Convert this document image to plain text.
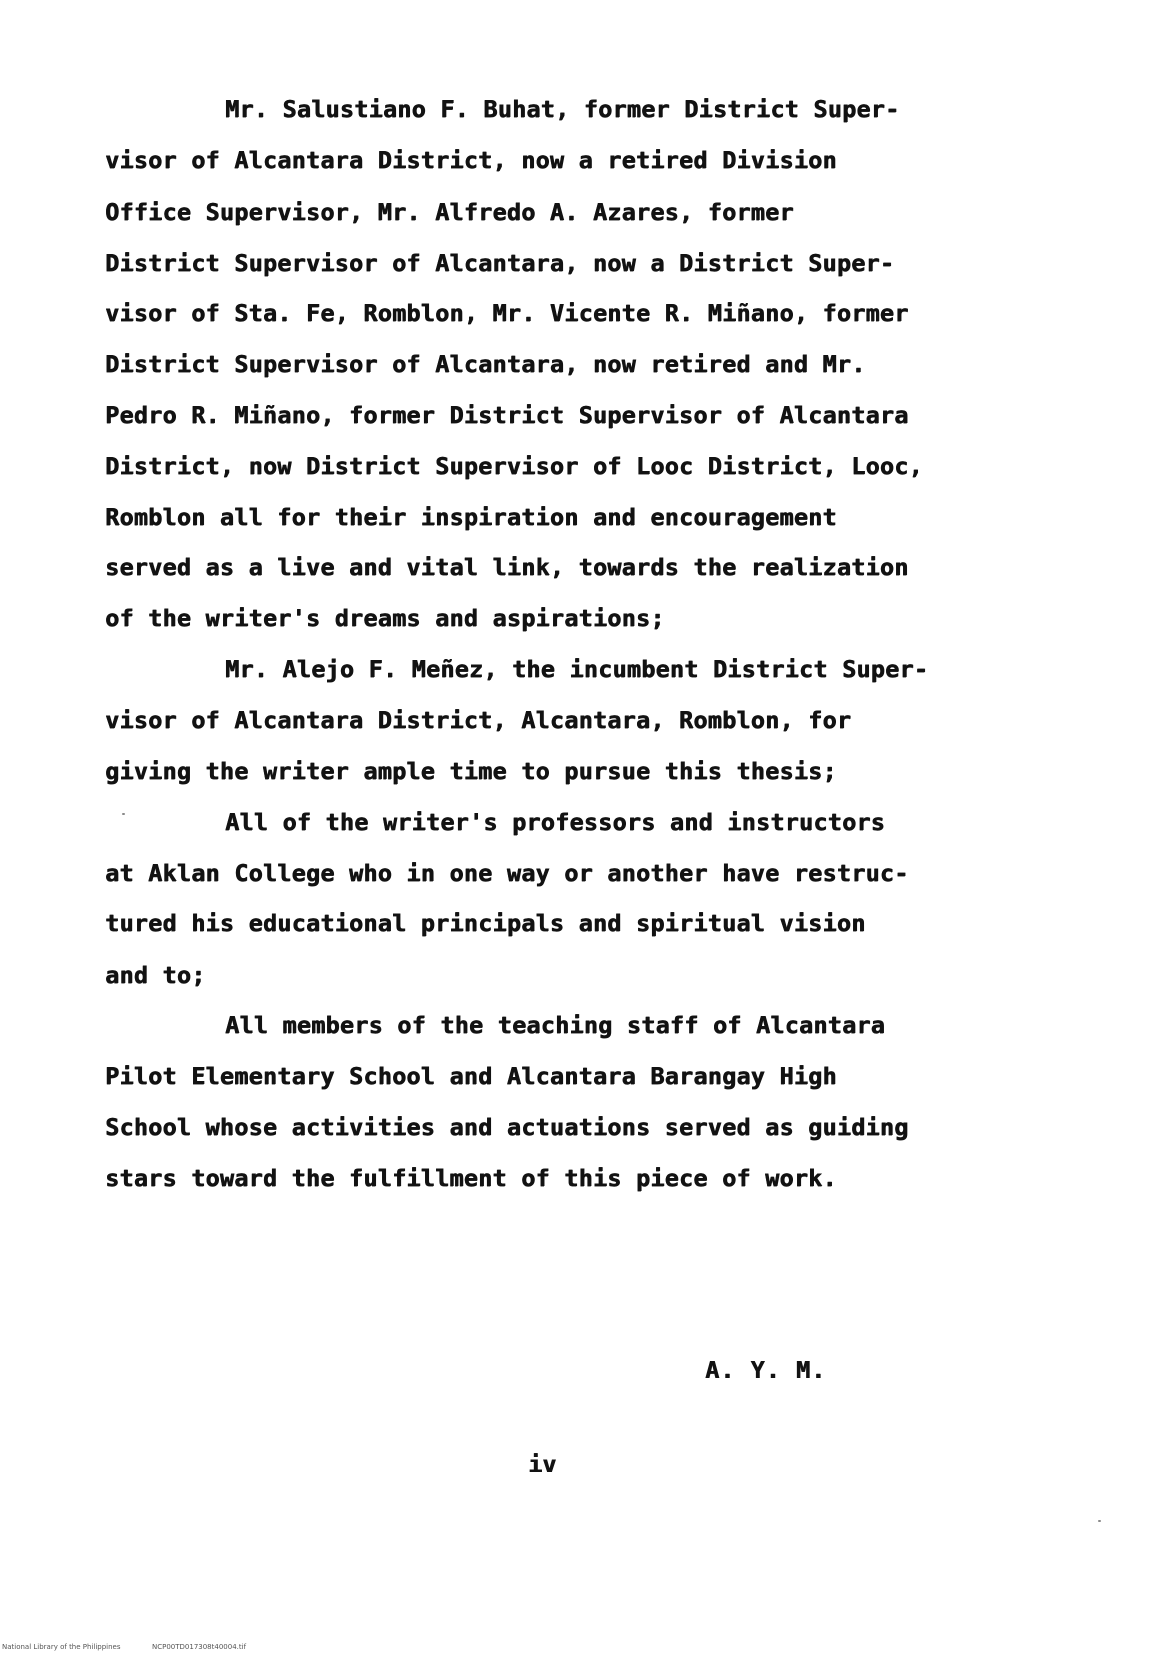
Mr. Salustiano F. Buhat, former District Super-
visor of Alcantara District, now a retired Division
Office Supervisor, Mr. Alfredo A. Azares, former
District Supervisor of Alcantara, now a District Super-
visor of Sta. Fe, Romblon, Mr. Vicente R. Miñano, former
District Supervisor of Alcantara, now retired and Mr.
Pedro R. Miñano, former District Supervisor of Alcantara
District, now District Supervisor of Looc District, Looc,
Romblon all for their inspiration and encouragement
served as a live and vital link, towards the realization
of the writer's dreams and aspirations;
Mr. Alejo F. Meñez, the incumbent District Super-
visor of Alcantara District, Alcantara, Romblon, for
giving the writer ample time to pursue this thesis;
All of the writer's professors and instructors
at Aklan College who in one way or another have restruc-
tured his educational principals and spiritual vision
and to;
All members of the teaching staff of Alcantara
Pilot Elementary School and Alcantara Barangay High
School whose activities and actuations served as guiding
stars toward the fulfillment of this piece of work.
A. Y. M.
iv
National Library of the Philippines	NCP00TD017308t40004.tif
